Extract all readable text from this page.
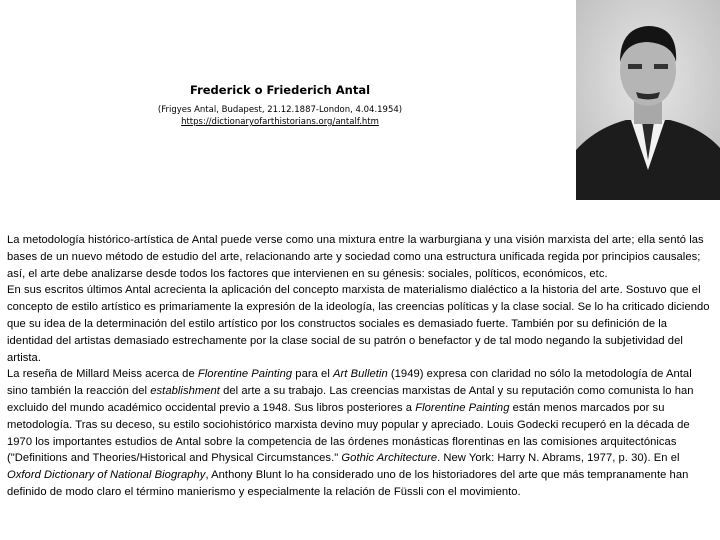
Frederick o Friederich Antal
(Frigyes Antal, Budapest, 21.12.1887-London, 4.04.1954)
https://dictionaryofarthistorians.org/antalf.htm

La metodología histórico-artística de Antal puede verse como una mixtura entre la warburgiana y una visión marxista del arte; ella sentó las bases de un nuevo método de estudio del arte, relacionando arte y sociedad como una estructura unificada regida por principios causales; así, el arte debe analizarse desde todos los factores que intervienen en su génesis: sociales, políticos, económicos, etc.

En sus escritos últimos Antal acrecienta la aplicación del concepto marxista de materialismo dialéctico a la historia del arte. Sostuvo que el concepto de estilo artístico es primariamente la expresión de la ideología, las creencias políticas y la clase social. Se lo ha criticado diciendo que su idea de la determinación del estilo artístico por los constructos sociales es demasiado fuerte. También por su definición de la identidad del artistas demasiado estrechamente por la clase social de su patrón o benefactor y de tal modo negando la subjetividad del artista.

La reseña de Millard Meiss acerca de Florentine Painting para el Art Bulletin (1949) expresa con claridad no sólo la metodología de Antal sino también la reacción del establishment del arte a su trabajo. Las creencias marxistas de Antal y su reputación como comunista lo han excluido del mundo académico occidental previo a 1948. Sus libros posteriores a Florentine Painting están menos marcados por su metodología. Tras su deceso, su estilo sociohistórico marxista devino muy popular y apreciado. Louis Godecki recuperó en la década de 1970 los importantes estudios de Antal sobre la competencia de las órdenes monásticas florentinas en las comisiones arquitectónicas ("Definitions and Theories/Historical and Physical Circumstances." Gothic Architecture. New York: Harry N. Abrams, 1977, p. 30). En el Oxford Dictionary of National Biography, Anthony Blunt lo ha considerado uno de los historiadores del arte que más tempranamente han definido de modo claro el término manierismo y especialmente la relación de Füssli con el movimiento.
